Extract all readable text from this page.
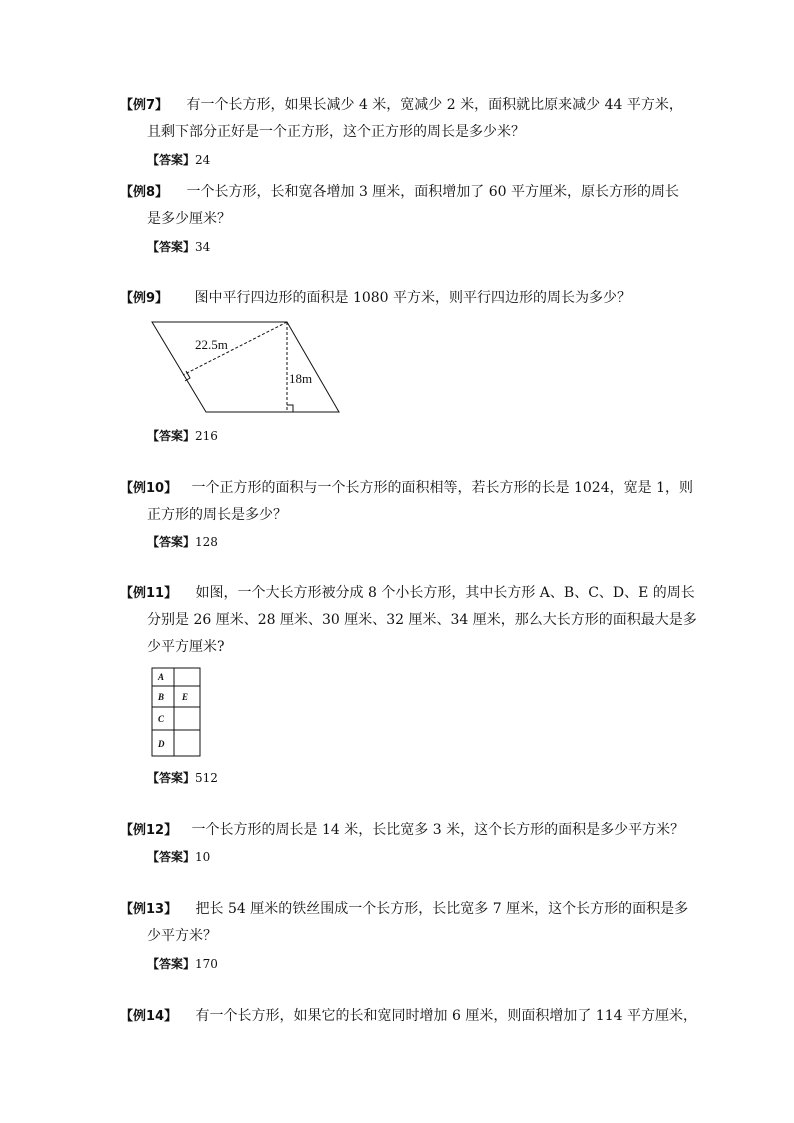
【例7】 有一个长方形，如果长减少 4 米，宽减少 2 米，面积就比原来减少 44 平方米，
且剩下部分正好是一个正方形，这个正方形的周长是多少米？
【答案】24
【例8】 一个长方形，长和宽各增加 3 厘米，面积增加了 60 平方厘米，原长方形的周长
是多少厘米？
【答案】34
【例9】 图中平行四边形的面积是 1080 平方米，则平行四边形的周长为多少？
22.5m
18m
【答案】216
【例10】 一个正方形的面积与一个长方形的面积相等，若长方形的长是 1024，宽是 1，则
正方形的周长是多少？
【答案】128
【例11】 如图，一个大长方形被分成 8 个小长方形，其中长方形 A、B、C、D、E 的周长
分别是 26 厘米、28 厘米、30 厘米、32 厘米、34 厘米，那么大长方形的面积最大是多
少平方厘米?
A
B E
C
D
【答案】512
【例12】 一个长方形的周长是 14 米，长比宽多 3 米，这个长方形的面积是多少平方米？
【答案】10
【例13】 把长 54 厘米的铁丝围成一个长方形，长比宽多 7 厘米，这个长方形的面积是多
少平方米？
【答案】170
【例14】 有一个长方形，如果它的长和宽同时增加 6 厘米，则面积增加了 114 平方厘米，
